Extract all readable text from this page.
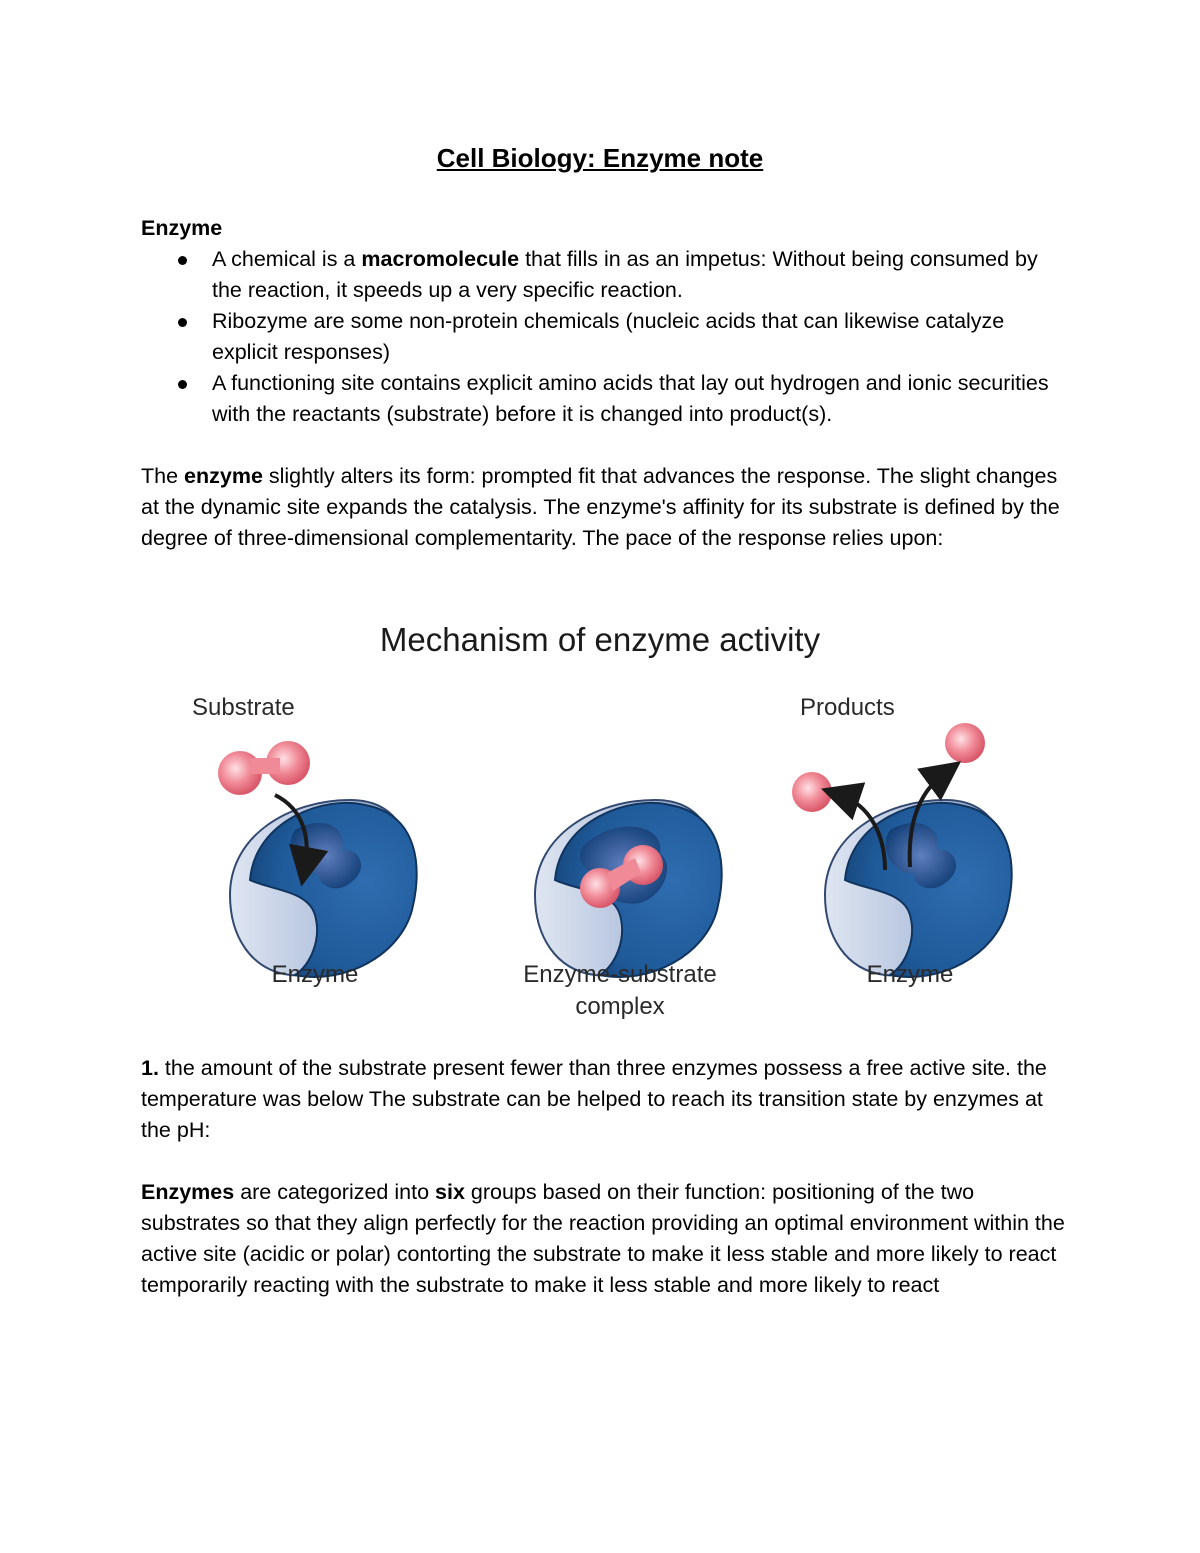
Cell Biology: Enzyme note
Enzyme
A chemical is a macromolecule that fills in as an impetus: Without being consumed by the reaction, it speeds up a very specific reaction.
Ribozyme are some non-protein chemicals (nucleic acids that can likewise catalyze explicit responses)
A functioning site contains explicit amino acids that lay out hydrogen and ionic securities with the reactants (substrate) before it is changed into product(s).
The enzyme slightly alters its form: prompted fit that advances the response. The slight changes at the dynamic site expands the catalysis. The enzyme's affinity for its substrate is defined by the degree of three-dimensional complementarity. The pace of the response relies upon:
Mechanism of enzyme activity
Substrate	Products
Enzyme	Enzyme-substrate
complex
Enzyme
1. the amount of the substrate present fewer than three enzymes possess a free active site. the temperature was below The substrate can be helped to reach its transition state by enzymes at the pH:
Enzymes are categorized into six groups based on their function: positioning of the two substrates so that they align perfectly for the reaction providing an optimal environment within the active site (acidic or polar) contorting the substrate to make it less stable and more likely to react temporarily reacting with the substrate to make it less stable and more likely to react
